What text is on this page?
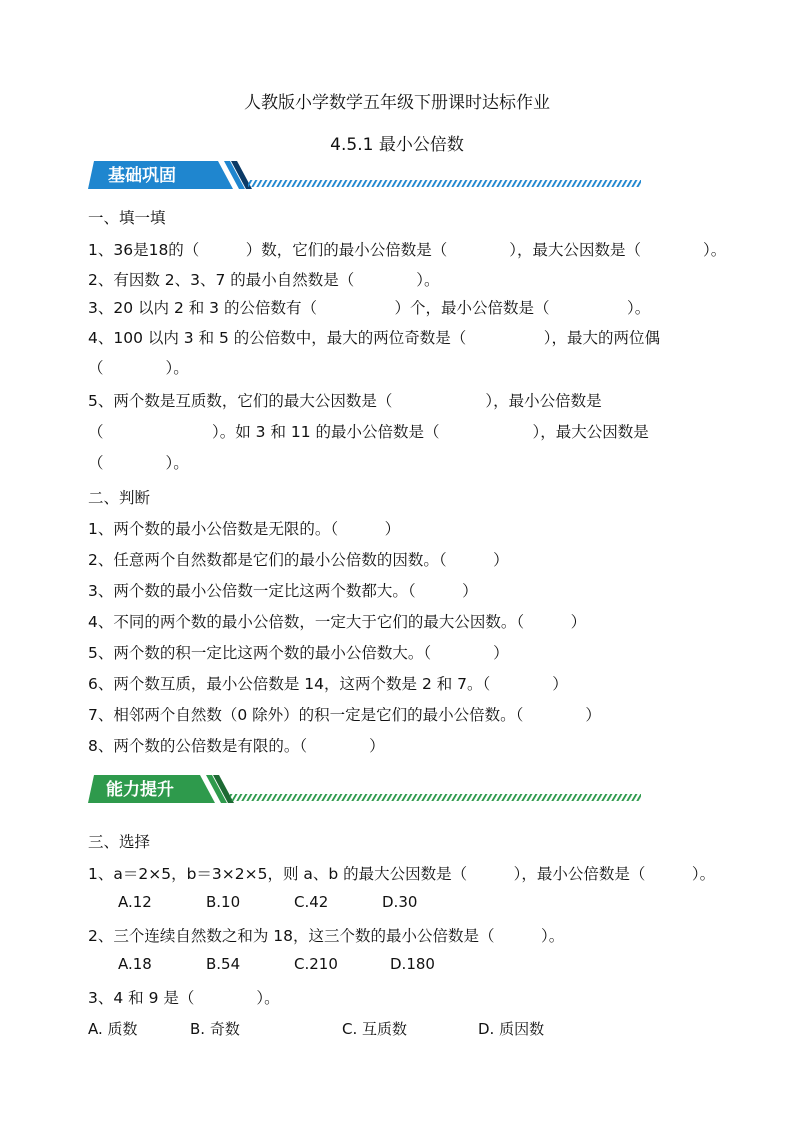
人教版小学数学五年级下册课时达标作业
4.5.1 最小公倍数
基础巩固
一、填一填
1、36是18的（　　　）数，它们的最小公倍数是（　　　　），最大公因数是（　　　　）。
2、有因数 2、3、7 的最小自然数是（　　　　）。
3、20 以内 2 和 3 的公倍数有（　　　　　）个，最小公倍数是（　　　　　）。
4、100 以内 3 和 5 的公倍数中，最大的两位奇数是（　　　　　），最大的两位偶
（　　　　）。
5、两个数是互质数，它们的最大公因数是（　　　　　　），最小公倍数是
（　　　　　　　）。如 3 和 11 的最小公倍数是（　　　　　　），最大公因数是
（　　　　）。
二、判断
1、两个数的最小公倍数是无限的。（　　　）
2、任意两个自然数都是它们的最小公倍数的因数。（　　　）
3、两个数的最小公倍数一定比这两个数都大。（　　　）
4、不同的两个数的最小公倍数，一定大于它们的最大公因数。（　　　）
5、两个数的积一定比这两个数的最小公倍数大。（　　　　）
6、两个数互质，最小公倍数是 14，这两个数是 2 和 7。（　　　　）
7、相邻两个自然数（0 除外）的积一定是它们的最小公倍数。（　　　　）
8、两个数的公倍数是有限的。（　　　　）
能力提升
三、选择
1、a＝2×5，b＝3×2×5，则 a、b 的最大公因数是（　　　），最小公倍数是（　　　）。
A.12	B.10	C.42	D.30
2、三个连续自然数之和为 18，这三个数的最小公倍数是（　　　）。
A.18	B.54	C.210	D.180
3、4 和 9 是（　　　　）。
A. 质数	B. 奇数	C. 互质数	D. 质因数
